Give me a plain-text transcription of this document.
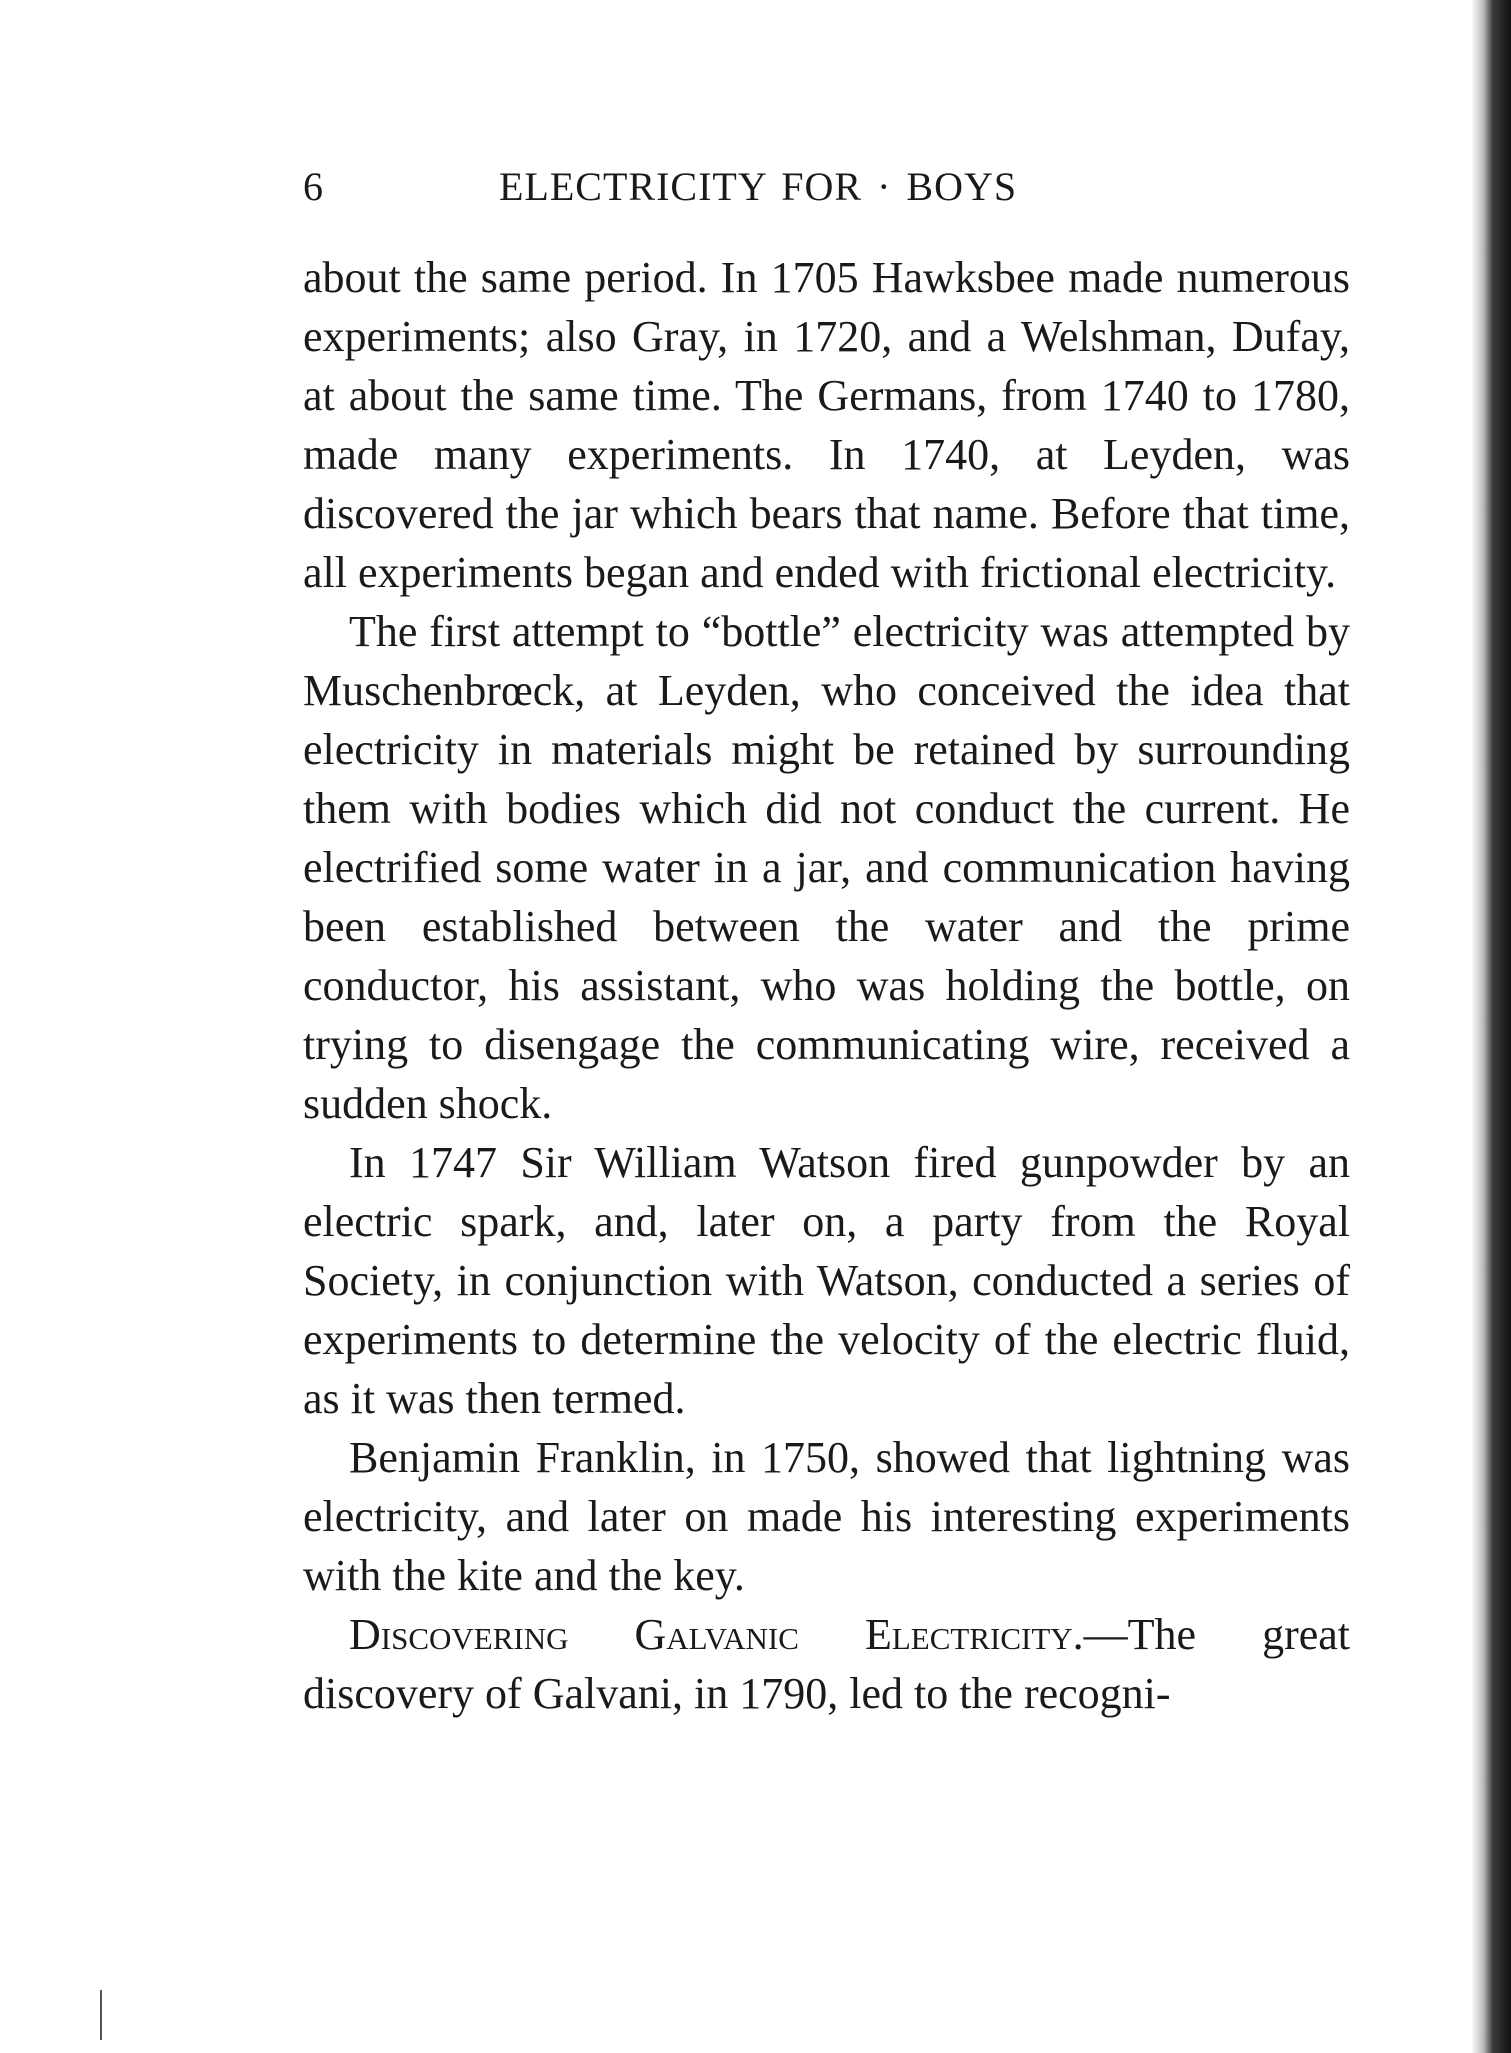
6	ELECTRICITY FOR · BOYS

about the same period. In 1705 Hawksbee made numerous experiments; also Gray, in 1720, and a Welshman, Dufay, at about the same time. The Germans, from 1740 to 1780, made many experiments. In 1740, at Leyden, was discovered the jar which bears that name. Before that time, all experiments began and ended with frictional electricity.

The first attempt to “bottle” electricity was attempted by Muschenbrœck, at Leyden, who conceived the idea that electricity in materials might be retained by surrounding them with bodies which did not conduct the current. He electrified some water in a jar, and communication having been established between the water and the prime conductor, his assistant, who was holding the bottle, on trying to disengage the communicating wire, received a sudden shock.

In 1747 Sir William Watson fired gunpowder by an electric spark, and, later on, a party from the Royal Society, in conjunction with Watson, conducted a series of experiments to determine the velocity of the electric fluid, as it was then termed.

Benjamin Franklin, in 1750, showed that lightning was electricity, and later on made his interesting experiments with the kite and the key.

Discovering Galvanic Electricity.—The great discovery of Galvani, in 1790, led to the recogni-
